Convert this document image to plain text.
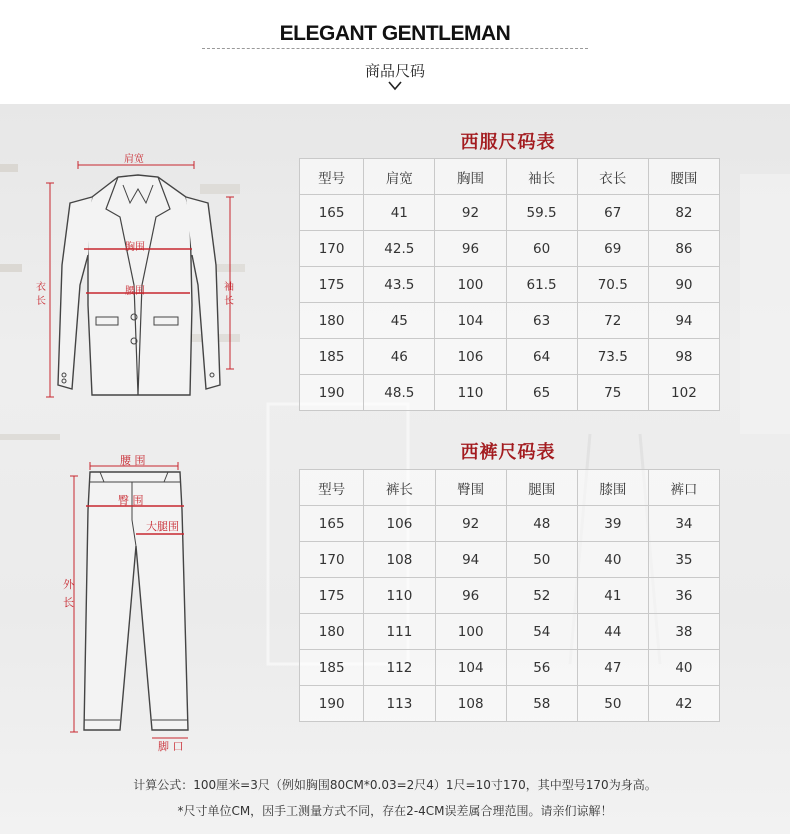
ELEGANT GENTLEMAN
商品尺码
肩宽
胸围
腰围
衣
长
袖
长
西服尺码表
型号	肩宽	胸围	袖长	衣长	腰围
165	41	92	59.5	67	82
170	42.5	96	60	69	86
175	43.5	100	61.5	70.5	90
180	45	104	63	72	94
185	46	106	64	73.5	98
190	48.5	110	65	75	102
腰 围
臀 围
大腿围
外
长
脚 口
西裤尺码表
型号	裤长	臀围	腿围	膝围	裤口
165	106	92	48	39	34
170	108	94	50	40	35
175	110	96	52	41	36
180	111	100	54	44	38
185	112	104	56	47	40
190	113	108	58	50	42
计算公式：100厘米=3尺（例如胸围80CM*0.03=2尺4）1尺=10寸170，其中型号170为身高。
*尺寸单位CM，因手工测量方式不同，存在2-4CM误差属合理范围。请亲们谅解！
